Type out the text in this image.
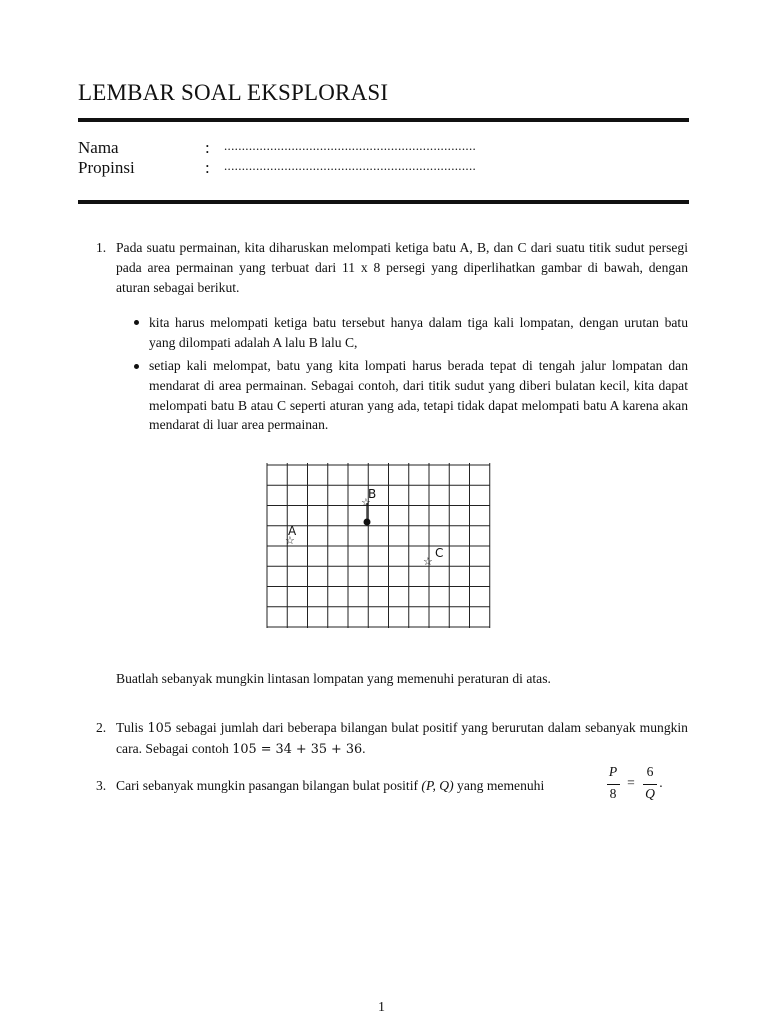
LEMBAR SOAL EKSPLORASI
Nama	: .......................................................................
Propinsi	: .......................................................................
1. Pada suatu permainan, kita diharuskan melompati ketiga batu A, B, dan C dari suatu titik sudut persegi pada area permainan yang terbuat dari 11 x 8 persegi yang diperlihatkan gambar di bawah, dengan aturan sebagai berikut.
kita harus melompati ketiga batu tersebut hanya dalam tiga kali lompatan, dengan urutan batu yang dilompati adalah A lalu B lalu C,
setiap kali melompat, batu yang kita lompati harus berada tepat di tengah jalur lompatan dan mendarat di area permainan. Sebagai contoh, dari titik sudut yang diberi bulatan kecil, kita dapat melompati batu B atau C seperti aturan yang ada, tetapi tidak dapat melompati batu A karena akan mendarat di luar area permainan.
☆
A
☆
B
☆
C
Buatlah sebanyak mungkin lintasan lompatan yang memenuhi peraturan di atas.
2. Tulis 105 sebagai jumlah dari beberapa bilangan bulat positif yang berurutan dalam sebanyak mungkin cara. Sebagai contoh 105 = 34 + 35 + 36.
3. Cari sebanyak mungkin pasangan bilangan bulat positif (P, Q) yang memenuhi
P
8
=
6
Q
.
1
